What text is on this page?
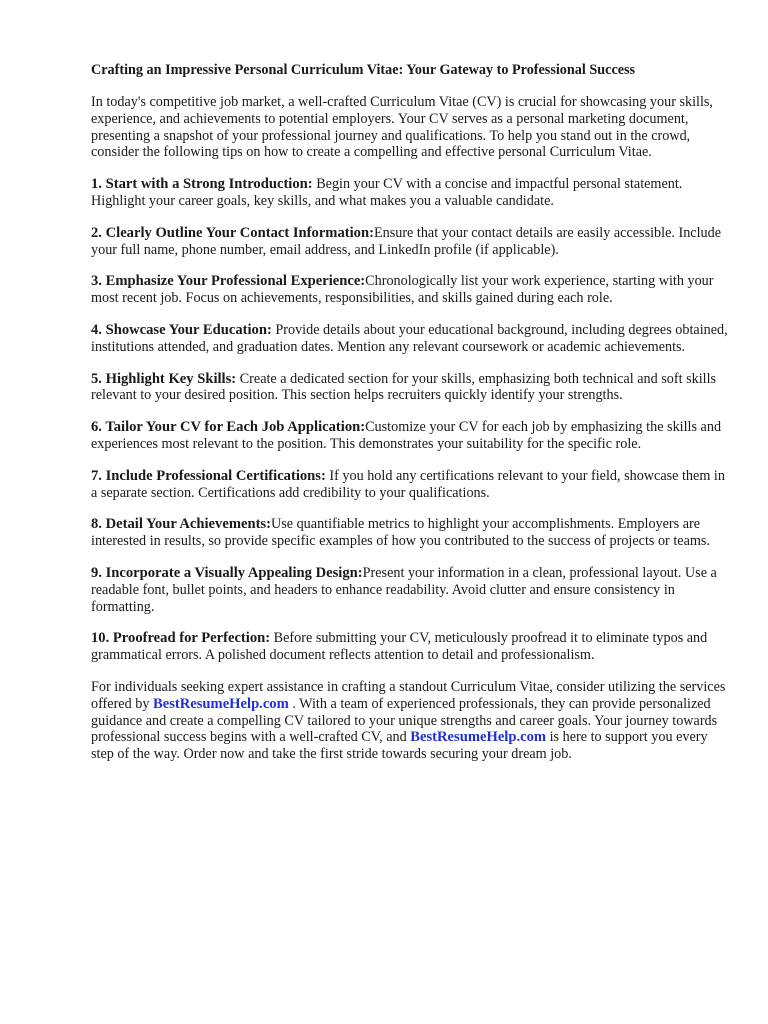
Crafting an Impressive Personal Curriculum Vitae: Your Gateway to Professional Success

In today's competitive job market, a well-crafted Curriculum Vitae (CV) is crucial for showcasing your skills, experience, and achievements to potential employers. Your CV serves as a personal marketing document, presenting a snapshot of your professional journey and qualifications. To help you stand out in the crowd, consider the following tips on how to create a compelling and effective personal Curriculum Vitae.

1. Start with a Strong Introduction: Begin your CV with a concise and impactful personal statement. Highlight your career goals, key skills, and what makes you a valuable candidate.

2. Clearly Outline Your Contact Information:Ensure that your contact details are easily accessible. Include your full name, phone number, email address, and LinkedIn profile (if applicable).

3. Emphasize Your Professional Experience:Chronologically list your work experience, starting with your most recent job. Focus on achievements, responsibilities, and skills gained during each role.

4. Showcase Your Education: Provide details about your educational background, including degrees obtained, institutions attended, and graduation dates. Mention any relevant coursework or academic achievements.

5. Highlight Key Skills: Create a dedicated section for your skills, emphasizing both technical and soft skills relevant to your desired position. This section helps recruiters quickly identify your strengths.

6. Tailor Your CV for Each Job Application:Customize your CV for each job by emphasizing the skills and experiences most relevant to the position. This demonstrates your suitability for the specific role.

7. Include Professional Certifications: If you hold any certifications relevant to your field, showcase them in a separate section. Certifications add credibility to your qualifications.

8. Detail Your Achievements:Use quantifiable metrics to highlight your accomplishments. Employers are interested in results, so provide specific examples of how you contributed to the success of projects or teams.

9. Incorporate a Visually Appealing Design:Present your information in a clean, professional layout. Use a readable font, bullet points, and headers to enhance readability. Avoid clutter and ensure consistency in formatting.

10. Proofread for Perfection: Before submitting your CV, meticulously proofread it to eliminate typos and grammatical errors. A polished document reflects attention to detail and professionalism.

For individuals seeking expert assistance in crafting a standout Curriculum Vitae, consider utilizing the services offered by BestResumeHelp.com . With a team of experienced professionals, they can provide personalized guidance and create a compelling CV tailored to your unique strengths and career goals. Your journey towards professional success begins with a well-crafted CV, and BestResumeHelp.com is here to support you every step of the way. Order now and take the first stride towards securing your dream job.
